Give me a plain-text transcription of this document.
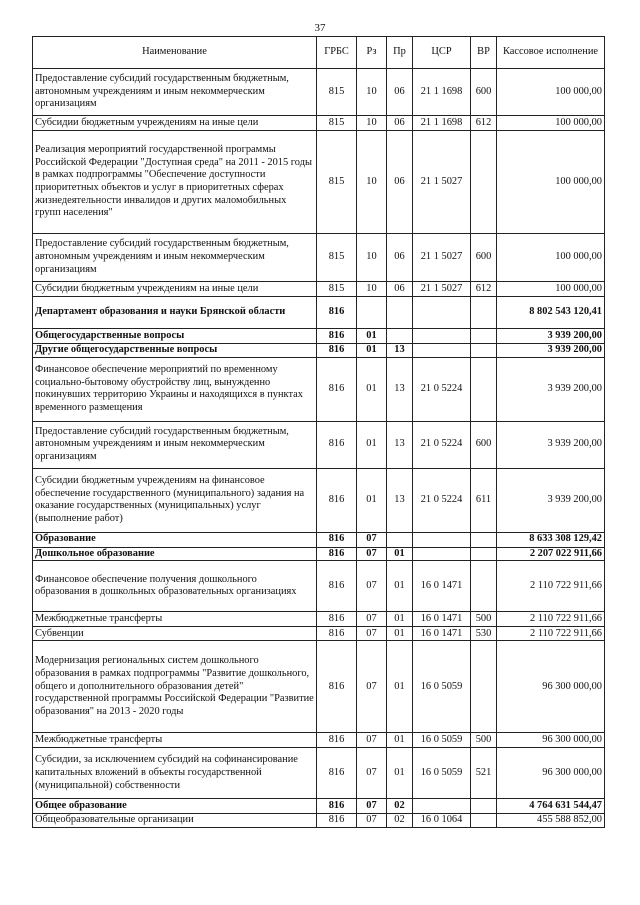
37
Наименование	ГРБС	Рз	Пр	ЦСР	ВР	Кассовое исполнение
Предоставление субсидий государственным бюджетным, автономным учреждениям и иным некоммерческим организациям	815	10	06	21 1 1698	600	100 000,00
Субсидии бюджетным учреждениям на иные цели	815	10	06	21 1 1698	612	100 000,00
Реализация мероприятий государственной программы Российской Федерации "Доступная среда" на 2011 - 2015 годы в рамках подпрограммы "Обеспечение доступности приоритетных объектов и услуг в приоритетных сферах жизнедеятельности инвалидов и других маломобильных групп населения"	815	10	06	21 1 5027		100 000,00
Предоставление субсидий государственным бюджетным, автономным учреждениям и иным некоммерческим организациям	815	10	06	21 1 5027	600	100 000,00
Субсидии бюджетным учреждениям на иные цели	815	10	06	21 1 5027	612	100 000,00
Департамент образования и науки Брянской области	816					8 802 543 120,41
Общегосударственные вопросы	816	01				3 939 200,00
Другие общегосударственные вопросы	816	01	13			3 939 200,00
Финансовое обеспечение мероприятий по временному социально-бытовому обустройству лиц, вынужденно покинувших территорию Украины и находящихся в пунктах временного размещения	816	01	13	21 0 5224		3 939 200,00
Предоставление субсидий государственным бюджетным, автономным учреждениям и иным некоммерческим организациям	816	01	13	21 0 5224	600	3 939 200,00
Субсидии бюджетным учреждениям на финансовое обеспечение государственного (муниципального) задания на оказание государственных (муниципальных) услуг (выполнение работ)	816	01	13	21 0 5224	611	3 939 200,00
Образование	816	07				8 633 308 129,42
Дошкольное образование	816	07	01			2 207 022 911,66
Финансовое обеспечение получения дошкольного образования в дошкольных образовательных организациях	816	07	01	16 0 1471		2 110 722 911,66
Межбюджетные трансферты	816	07	01	16 0 1471	500	2 110 722 911,66
Субвенции	816	07	01	16 0 1471	530	2 110 722 911,66
Модернизация региональных систем дошкольного образования в рамках подпрограммы "Развитие дошкольного, общего и дополнительного образования детей" государственной программы Российской Федерации "Развитие образования" на 2013 - 2020 годы	816	07	01	16 0 5059		96 300 000,00
Межбюджетные трансферты	816	07	01	16 0 5059	500	96 300 000,00
Субсидии, за исключением субсидий на софинансирование капитальных вложений в объекты государственной (муниципальной) собственности	816	07	01	16 0 5059	521	96 300 000,00
Общее образование	816	07	02			4 764 631 544,47
Общеобразовательные организации	816	07	02	16 0 1064		455 588 852,00
